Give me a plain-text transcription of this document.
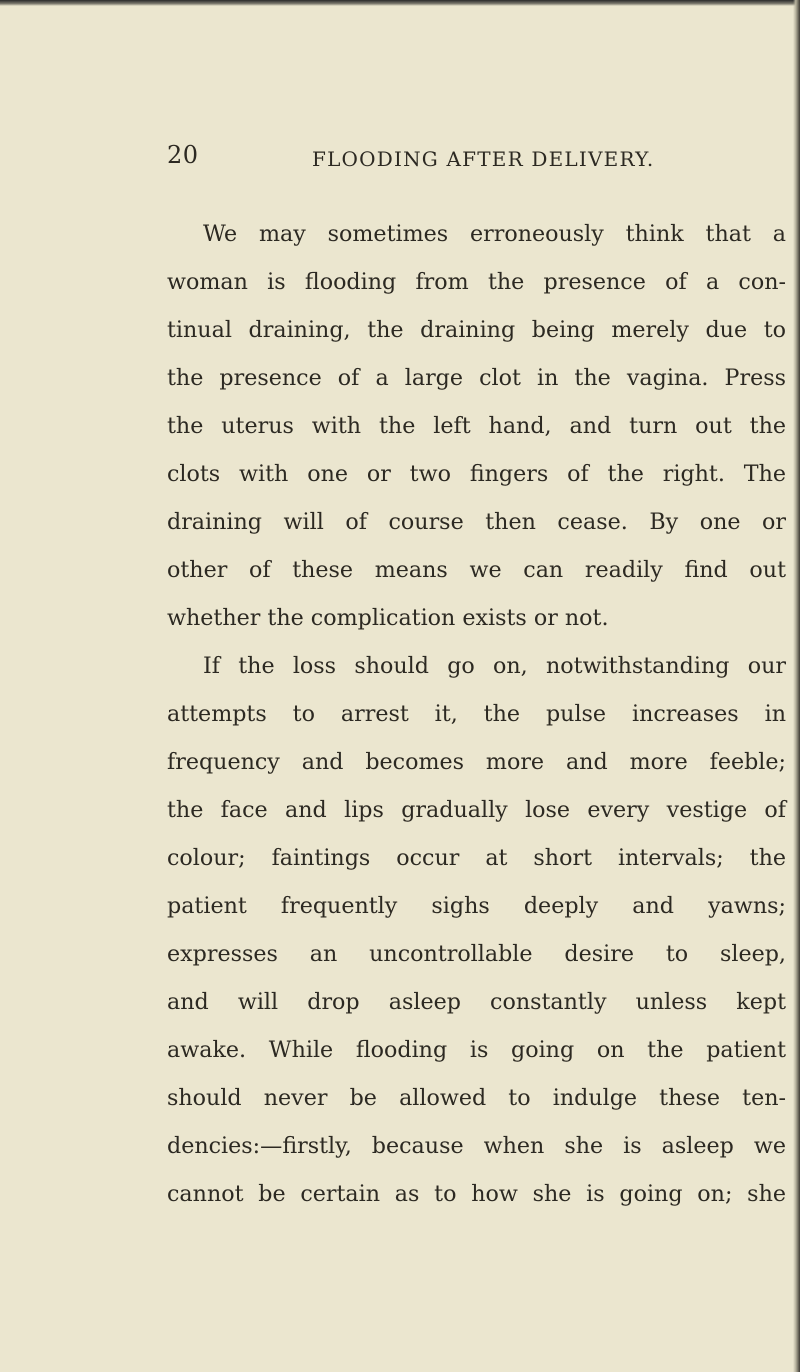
20	FLOODING AFTER DELIVERY.
We may sometimes erroneously think that a
woman is flooding from the presence of a con-
tinual draining, the draining being merely due to
the presence of a large clot in the vagina. Press
the uterus with the left hand, and turn out the
clots with one or two fingers of the right. The
draining will of course then cease. By one or
other of these means we can readily find out
whether the complication exists or not.
If the loss should go on, notwithstanding our
attempts to arrest it, the pulse increases in
frequency and becomes more and more feeble;
the face and lips gradually lose every vestige of
colour; faintings occur at short intervals; the
patient frequently sighs deeply and yawns;
expresses an uncontrollable desire to sleep,
and will drop asleep constantly unless kept
awake. While flooding is going on the patient
should never be allowed to indulge these ten-
dencies:—firstly, because when she is asleep we
cannot be certain as to how she is going on; she
